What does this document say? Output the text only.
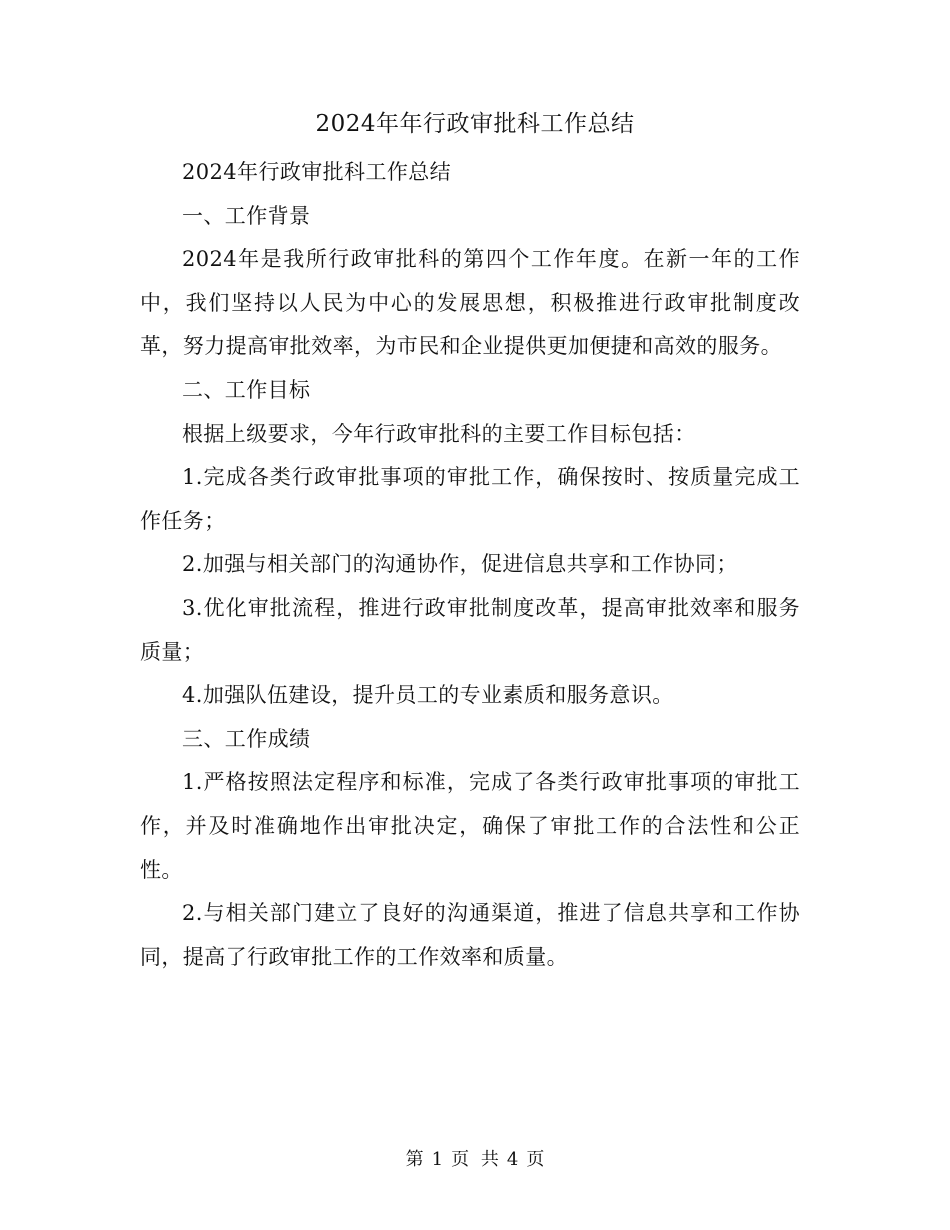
2024年年行政审批科工作总结

2024年行政审批科工作总结

一、工作背景

2024年是我所行政审批科的第四个工作年度。在新一年的工作中，我们坚持以人民为中心的发展思想，积极推进行政审批制度改革，努力提高审批效率，为市民和企业提供更加便捷和高效的服务。

二、工作目标

根据上级要求，今年行政审批科的主要工作目标包括：

1.完成各类行政审批事项的审批工作，确保按时、按质量完成工作任务；

2.加强与相关部门的沟通协作，促进信息共享和工作协同；

3.优化审批流程，推进行政审批制度改革，提高审批效率和服务质量；

4.加强队伍建设，提升员工的专业素质和服务意识。

三、工作成绩

1.严格按照法定程序和标准，完成了各类行政审批事项的审批工作，并及时准确地作出审批决定，确保了审批工作的合法性和公正性。

2.与相关部门建立了良好的沟通渠道，推进了信息共享和工作协同，提高了行政审批工作的工作效率和质量。

第 1 页 共 4 页
